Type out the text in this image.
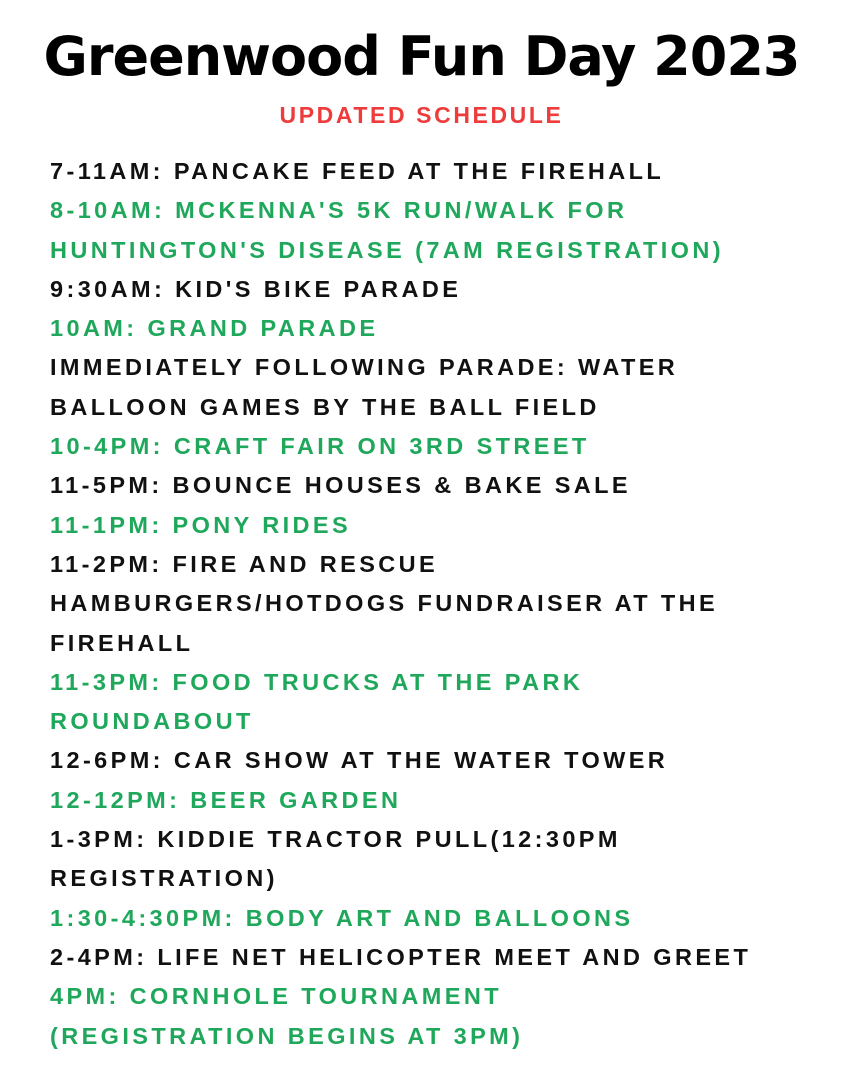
Greenwood Fun Day 2023
UPDATED SCHEDULE
7-11AM: PANCAKE FEED AT THE FIREHALL
8-10AM: MCKENNA'S 5K RUN/WALK FOR
HUNTINGTON'S DISEASE (7AM REGISTRATION)
9:30AM: KID'S BIKE PARADE
10AM: GRAND PARADE
IMMEDIATELY FOLLOWING PARADE: WATER
BALLOON GAMES BY THE BALL FIELD
10-4PM: CRAFT FAIR ON 3RD STREET
11-5PM: BOUNCE HOUSES & BAKE SALE
11-1PM: PONY RIDES
11-2PM: FIRE AND RESCUE
HAMBURGERS/HOTDOGS FUNDRAISER AT THE
FIREHALL
11-3PM: FOOD TRUCKS AT THE PARK
ROUNDABOUT
12-6PM: CAR SHOW AT THE WATER TOWER
12-12PM: BEER GARDEN
1-3PM: KIDDIE TRACTOR PULL(12:30PM
REGISTRATION)
1:30-4:30PM: BODY ART AND BALLOONS
2-4PM: LIFE NET HELICOPTER MEET AND GREET
4PM: CORNHOLE TOURNAMENT
(REGISTRATION BEGINS AT 3PM)
